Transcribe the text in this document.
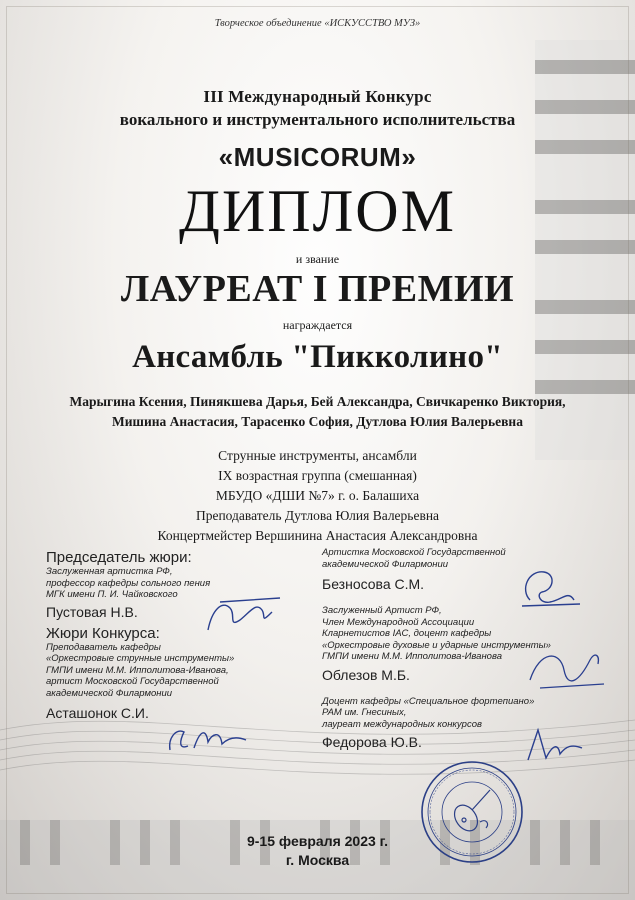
Творческое объединение «ИСКУССТВО МУЗ»
III Международный Конкурс
вокального и инструментального исполнительства
«MUSICORUM»
ДИПЛОМ
и звание
ЛАУРЕАТ I ПРЕМИИ
награждается
Ансамбль "Пикколино"
Марыгина Ксения, Пинякшева Дарья, Бей Александра, Свичкаренко Виктория,
Мишина Анастасия, Тарасенко София, Дутлова Юлия Валерьевна
Струнные инструменты, ансамбли
IX возрастная группа (смешанная)
МБУДО «ДШИ №7» г. о. Балашиха
Преподаватель Дутлова Юлия Валерьевна
Концертмейстер Вершинина Анастасия Александровна
Председатель жюри:
Заслуженная артистка РФ,
профессор кафедры сольного пения
МГК имени П. И. Чайковского
Пустовая Н.В.
Жюри Конкурса:
Преподаватель кафедры
«Оркестровые струнные инструменты»
ГМПИ имени М.М. Ипполитова-Иванова,
артист Московской Государственной
академической Филармонии
Асташонок С.И.
Артистка Московской Государственной
академической Филармонии
Безносова С.М.
Заслуженный Артист РФ,
Член Международной Ассоциации
Кларнетистов IAC, доцент кафедры
«Оркестровые духовые и ударные инструменты»
ГМПИ имени М.М. Ипполитова-Иванова
Облезов М.Б.
Доцент кафедры «Специальное фортепиано»
РАМ им. Гнесиных,
лауреат международных конкурсов
Федорова Ю.В.
9-15 февраля 2023 г.
г. Москва
